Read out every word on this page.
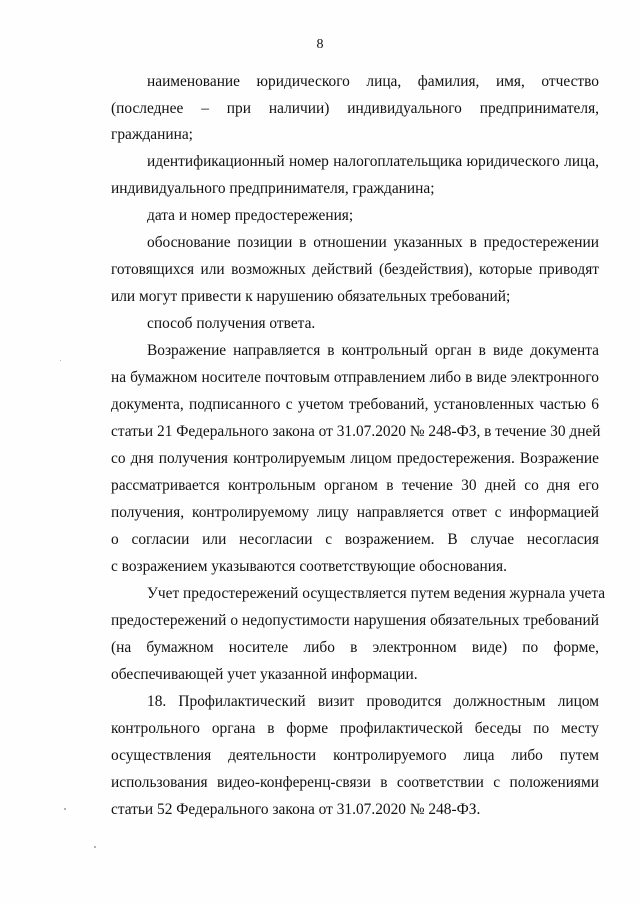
8
наименование юридического лица, фамилия, имя, отчество
(последнее – при наличии) индивидуального предпринимателя,
гражданина;
идентификационный номер налогоплательщика юридического лица,
индивидуального предпринимателя, гражданина;
дата и номер предостережения;
обоснование позиции в отношении указанных в предостережении
готовящихся или возможных действий (бездействия), которые приводят
или могут привести к нарушению обязательных требований;
способ получения ответа.
Возражение направляется в контрольный орган в виде документа
на бумажном носителе почтовым отправлением либо в виде электронного
документа, подписанного с учетом требований, установленных частью 6
статьи 21 Федерального закона от 31.07.2020 № 248-ФЗ, в течение 30 дней
со дня получения контролируемым лицом предостережения. Возражение
рассматривается контрольным органом в течение 30 дней со дня его
получения, контролируемому лицу направляется ответ с информацией
о согласии или несогласии с возражением. В случае несогласия
с возражением указываются соответствующие обоснования.
Учет предостережений осуществляется путем ведения журнала учета
предостережений о недопустимости нарушения обязательных требований
(на бумажном носителе либо в электронном виде) по форме,
обеспечивающей учет указанной информации.
18. Профилактический визит проводится должностным лицом
контрольного органа в форме профилактической беседы по месту
осуществления деятельности контролируемого лица либо путем
использования видео-конференц-связи в соответствии с положениями
статьи 52 Федерального закона от 31.07.2020 № 248-ФЗ.
